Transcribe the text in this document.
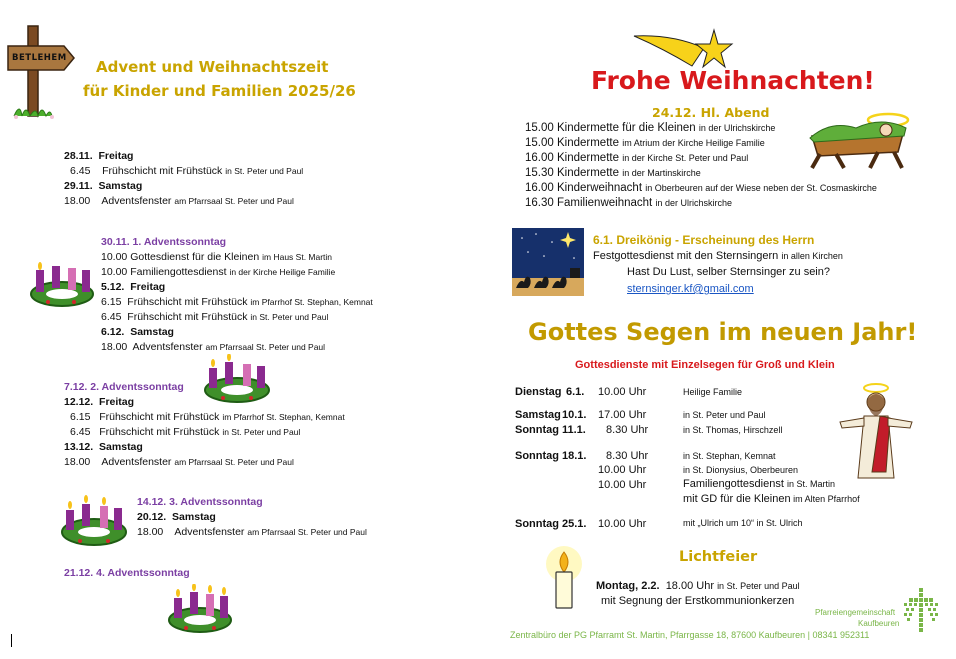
BETLEHEM Advent und Weihnachtszeit
für Kinder und Familien 2025/26
28.11. Freitag
6.45 Frühschicht mit Frühstück in St. Peter und Paul
29.11. Samstag
18.00 Adventsfenster am Pfarrsaal St. Peter und Paul
30.11. 1. Adventssonntag
10.00 Gottesdienst für die Kleinen im Haus St. Martin
10.00 Familiengottesdienst in der Kirche Heilige Familie
5.12. Freitag
6.15 Frühschicht mit Frühstück im Pfarrhof St. Stephan, Kemnat
6.45 Frühschicht mit Frühstück in St. Peter und Paul
6.12. Samstag
18.00 Adventsfenster am Pfarrsaal St. Peter und Paul
7.12. 2. Adventssonntag
12.12. Freitag
6.15 Frühschicht mit Frühstück im Pfarrhof St. Stephan, Kemnat
6.45 Frühschicht mit Frühstück in St. Peter und Paul
13.12. Samstag
18.00 Adventsfenster am Pfarrsaal St. Peter und Paul
14.12. 3. Adventssonntag
20.12. Samstag
18.00 Adventsfenster am Pfarrsaal St. Peter und Paul
21.12. 4. Adventssonntag
Frohe Weihnachten!
24.12. Hl. Abend
15.00 Kindermette für die Kleinen in der Ulrichskirche
15.00 Kindermette im Atrium der Kirche Heilige Familie
16.00 Kindermette in der Kirche St. Peter und Paul
15.30 Kindermette in der Martinskirche
16.00 Kinderweihnacht in Oberbeuren auf der Wiese neben der St. Cosmaskirche
16.30 Familienweihnacht in der Ulrichskirche
6.1. Dreikönig - Erscheinung des Herrn
Festgottesdienst mit den Sternsingern in allen Kirchen
Hast Du Lust, selber Sternsinger zu sein?
sternsinger.kf@gmail.com
Gottes Segen im neuen Jahr!
Gottesdienste mit Einzelsegen für Groß und Klein
Dienstag 6.1. 10.00 Uhr	Heilige Familie
Samstag 10.1. 17.00 Uhr	in St. Peter und Paul
Sonntag 11.1. 8.30 Uhr	in St. Thomas, Hirschzell
Sonntag 18.1. 8.30 Uhr	in St. Stephan, Kemnat
10.00 Uhr	in St. Dionysius, Oberbeuren
10.00 Uhr	Familiengottesdienst in St. Martin
mit GD für die Kleinen im Alten Pfarrhof
Sonntag 25.1. 10.00 Uhr	mit „Ulrich um 10“ in St. Ulrich
Lichtfeier
Montag, 2.2. 18.00 Uhr in St. Peter und Paul
mit Segnung der Erstkommunionkerzen
Pfarreiengemeinschaft
Kaufbeuren
Zentralbüro der PG Pfarramt St. Martin, Pfarrgasse 18, 87600 Kaufbeuren | 08341 952311
